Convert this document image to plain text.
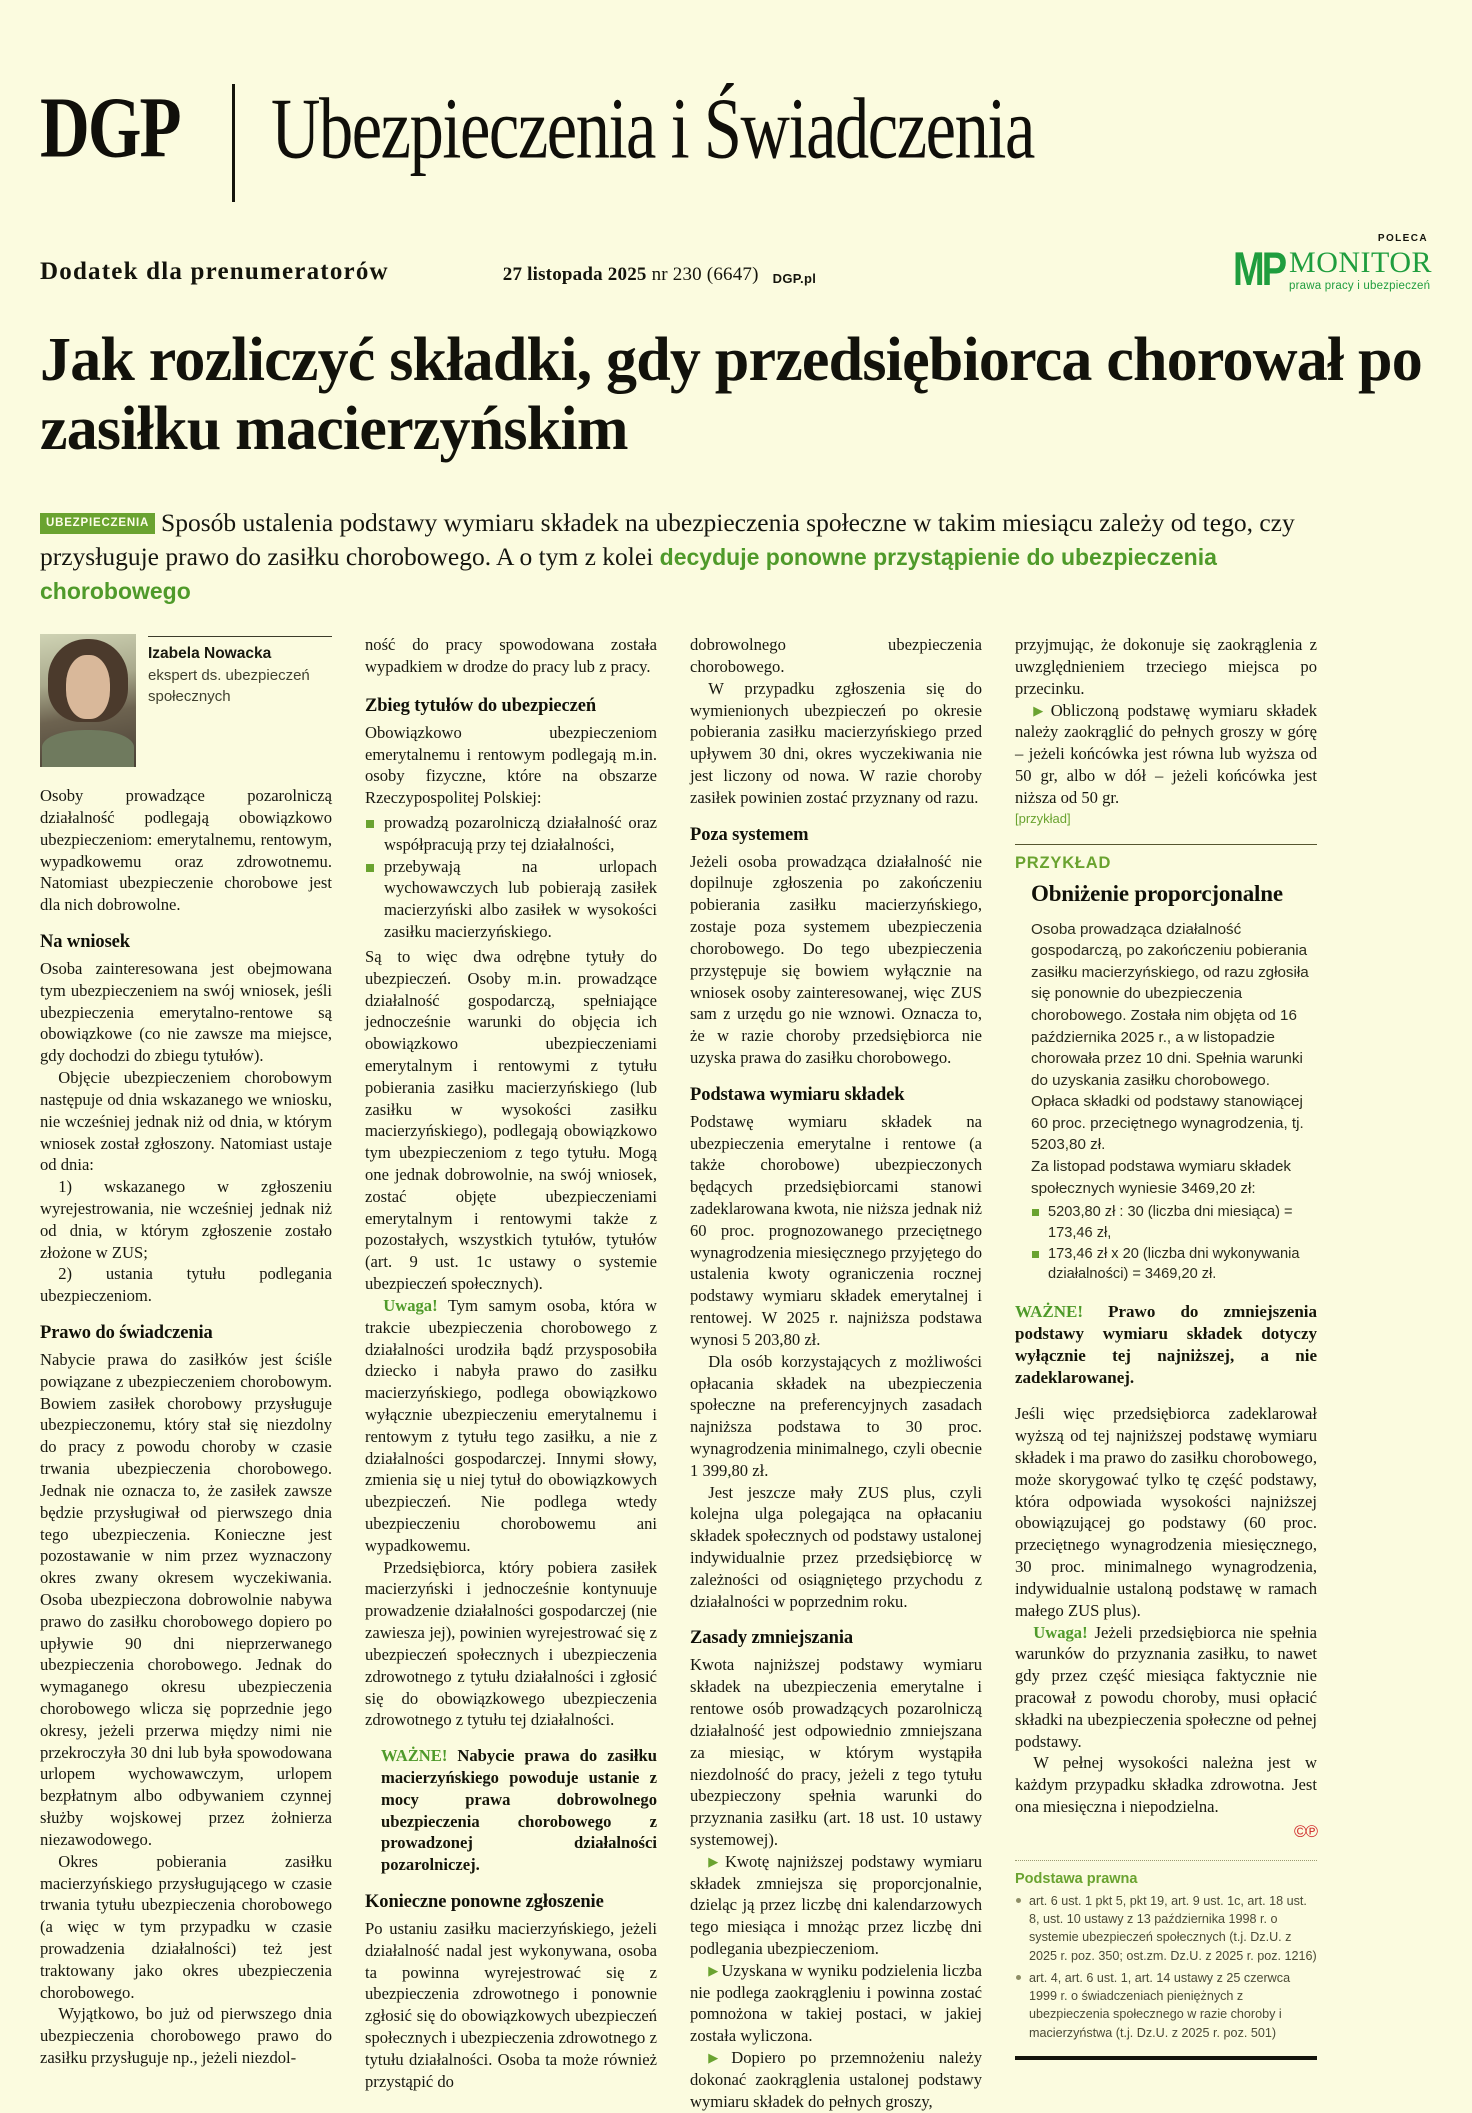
DGP Ubezpieczenia i Świadczenia
Dodatek dla prenumeratorów	27 listopada 2025 nr 230 (6647) DGP.pl
POLECA
MP MONITOR
prawa pracy i ubezpieczeń
Jak rozliczyć składki, gdy przedsiębiorca chorował po zasiłku macierzyńskim
UBEZPIECZENIA Sposób ustalenia podstawy wymiaru składek na ubezpieczenia społeczne w takim miesiącu zależy od tego, czy przysługuje prawo do zasiłku chorobowego. A o tym z kolei decyduje ponowne przystąpienie do ubezpieczenia chorobowego
Izabela Nowacka
ekspert ds. ubezpieczeń
społecznych

Osoby prowadzące pozarolniczą działalność podlegają obowiązkowo ubezpieczeniom: emerytalnemu, rentowym, wypadkowemu oraz zdrowotnemu. Natomiast ubezpieczenie chorobowe jest dla nich dobrowolne.

Na wniosek

Osoba zainteresowana jest obejmowana tym ubezpieczeniem na swój wniosek, jeśli ubezpieczenia emerytalno-rentowe są obowiązkowe (co nie zawsze ma miejsce, gdy dochodzi do zbiegu tytułów).

Objęcie ubezpieczeniem chorobowym następuje od dnia wskazanego we wniosku, nie wcześniej jednak niż od dnia, w którym wniosek został zgłoszony. Natomiast ustaje od dnia:

1) wskazanego w zgłoszeniu wyrejestrowania, nie wcześniej jednak niż od dnia, w którym zgłoszenie zostało złożone w ZUS;

2) ustania tytułu podlegania ubezpieczeniom.

Prawo do świadczenia

Nabycie prawa do zasiłków jest ściśle powiązane z ubezpieczeniem chorobowym. Bowiem zasiłek chorobowy przysługuje ubezpieczonemu, który stał się niezdolny do pracy z powodu choroby w czasie trwania ubezpieczenia chorobowego. Jednak nie oznacza to, że zasiłek zawsze będzie przysługiwał od pierwszego dnia tego ubezpieczenia. Konieczne jest pozostawanie w nim przez wyznaczony okres zwany okresem wyczekiwania. Osoba ubezpieczona dobrowolnie nabywa prawo do zasiłku chorobowego dopiero po upływie 90 dni nieprzerwanego ubezpieczenia chorobowego. Jednak do wymaganego okresu ubezpieczenia chorobowego wlicza się poprzednie jego okresy, jeżeli przerwa między nimi nie przekroczyła 30 dni lub była spowodowana urlopem wychowawczym, urlopem bezpłatnym albo odbywaniem czynnej służby wojskowej przez żołnierza niezawodowego.

Okres pobierania zasiłku macierzyńskiego przysługującego w czasie trwania tytułu ubezpieczenia chorobowego (a więc w tym przypadku w czasie prowadzenia działalności) też jest traktowany jako okres ubezpieczenia chorobowego.

Wyjątkowo, bo już od pierwszego dnia ubezpieczenia chorobowego prawo do zasiłku przysługuje np., jeżeli niezdol-

ność do pracy spowodowana została wypadkiem w drodze do pracy lub z pracy.

Zbieg tytułów do ubezpieczeń

Obowiązkowo ubezpieczeniom emerytalnemu i rentowym podlegają m.in. osoby fizyczne, które na obszarze Rzeczypospolitej Polskiej:

prowadzą pozarolniczą działalność oraz współpracują przy tej działalności,
przebywają na urlopach wychowawczych lub pobierają zasiłek macierzyński albo zasiłek w wysokości zasiłku macierzyńskiego.

Są to więc dwa odrębne tytuły do ubezpieczeń. Osoby m.in. prowadzące działalność gospodarczą, spełniające jednocześnie warunki do objęcia ich obowiązkowo ubezpieczeniami emerytalnym i rentowymi z tytułu pobierania zasiłku macierzyńskiego (lub zasiłku w wysokości zasiłku macierzyńskiego), podlegają obowiązkowo tym ubezpieczeniom z tego tytułu. Mogą one jednak dobrowolnie, na swój wniosek, zostać objęte ubezpieczeniami emerytalnym i rentowymi także z pozostałych, wszystkich tytułów, tytułów (art. 9 ust. 1c ustawy o systemie ubezpieczeń społecznych).

Uwaga! Tym samym osoba, która w trakcie ubezpieczenia chorobowego z działalności urodziła bądź przysposobiła dziecko i nabyła prawo do zasiłku macierzyńskiego, podlega obowiązkowo wyłącznie ubezpieczeniu emerytalnemu i rentowym z tytułu tego zasiłku, a nie z działalności gospodarczej. Innymi słowy, zmienia się u niej tytuł do obowiązkowych ubezpieczeń. Nie podlega wtedy ubezpieczeniu chorobowemu ani wypadkowemu.

Przedsiębiorca, który pobiera zasiłek macierzyński i jednocześnie kontynuuje prowadzenie działalności gospodarczej (nie zawiesza jej), powinien wyrejestrować się z ubezpieczeń społecznych i ubezpieczenia zdrowotnego z tytułu działalności i zgłosić się do obowiązkowego ubezpieczenia zdrowotnego z tytułu tej działalności.

WAŻNE! Nabycie prawa do zasiłku macierzyńskiego powoduje ustanie z mocy prawa dobrowolnego ubezpieczenia chorobowego z prowadzonej działalności pozarolniczej.
Konieczne ponowne zgłoszenie

Po ustaniu zasiłku macierzyńskiego, jeżeli działalność nadal jest wykonywana, osoba ta powinna wyrejestrować się z ubezpieczenia zdrowotnego i ponownie zgłosić się do obowiązkowych ubezpieczeń społecznych i ubezpieczenia zdrowotnego z tytułu działalności. Osoba ta może również przystąpić do

dobrowolnego ubezpieczenia chorobowego.

W przypadku zgłoszenia się do wymienionych ubezpieczeń po okresie pobierania zasiłku macierzyńskiego przed upływem 30 dni, okres wyczekiwania nie jest liczony od nowa. W razie choroby zasiłek powinien zostać przyznany od razu.

Poza systemem

Jeżeli osoba prowadząca działalność nie dopilnuje zgłoszenia po zakończeniu pobierania zasiłku macierzyńskiego, zostaje poza systemem ubezpieczenia chorobowego. Do tego ubezpieczenia przystępuje się bowiem wyłącznie na wniosek osoby zainteresowanej, więc ZUS sam z urzędu go nie wznowi. Oznacza to, że w razie choroby przedsiębiorca nie uzyska prawa do zasiłku chorobowego.

Podstawa wymiaru składek

Podstawę wymiaru składek na ubezpieczenia emerytalne i rentowe (a także chorobowe) ubezpieczonych będących przedsiębiorcami stanowi zadeklarowana kwota, nie niższa jednak niż 60 proc. prognozowanego przeciętnego wynagrodzenia miesięcznego przyjętego do ustalenia kwoty ograniczenia rocznej podstawy wymiaru składek emerytalnej i rentowej. W 2025 r. najniższa podstawa wynosi 5 203,80 zł.

Dla osób korzystających z możliwości opłacania składek na ubezpieczenia społeczne na preferencyjnych zasadach najniższa podstawa to 30 proc. wynagrodzenia minimalnego, czyli obecnie 1 399,80 zł.

Jest jeszcze mały ZUS plus, czyli kolejna ulga polegająca na opłacaniu składek społecznych od podstawy ustalonej indywidualnie przez przedsiębiorcę w zależności od osiągniętego przychodu z działalności w poprzednim roku.

Zasady zmniejszania

Kwota najniższej podstawy wymiaru składek na ubezpieczenia emerytalne i rentowe osób prowadzących pozarolniczą działalność jest odpowiednio zmniejszana za miesiąc, w którym wystąpiła niezdolność do pracy, jeżeli z tego tytułu ubezpieczony spełnia warunki do przyznania zasiłku (art. 18 ust. 10 ustawy systemowej).

▶ Kwotę najniższej podstawy wymiaru składek zmniejsza się proporcjonalnie, dzieląc ją przez liczbę dni kalendarzowych tego miesiąca i mnożąc przez liczbę dni podlegania ubezpieczeniom.

▶ Uzyskana w wyniku podzielenia liczba nie podlega zaokrągleniu i powinna zostać pomnożona w takiej postaci, w jakiej została wyliczona.

▶ Dopiero po przemnożeniu należy dokonać zaokrąglenia ustalonej podstawy wymiaru składek do pełnych groszy,

przyjmując, że dokonuje się zaokrąglenia z uwzględnieniem trzeciego miejsca po przecinku.

▶ Obliczoną podstawę wymiaru składek należy zaokrąglić do pełnych groszy w górę – jeżeli końcówka jest równa lub wyższa od 50 gr, albo w dół – jeżeli końcówka jest niższa od 50 gr.

[przykład]
PRZYKŁAD
Obniżenie proporcjonalne

Osoba prowadząca działalność gospodarczą, po zakończeniu pobierania zasiłku macierzyńskiego, od razu zgłosiła się ponownie do ubezpieczenia chorobowego. Została nim objęta od 16 października 2025 r., a w listopadzie chorowała przez 10 dni. Spełnia warunki do uzyskania zasiłku chorobowego. Opłaca składki od podstawy stanowiącej 60 proc. przeciętnego wynagrodzenia, tj. 5203,80 zł.

Za listopad podstawa wymiaru składek społecznych wyniesie 3469,20 zł:

5203,80 zł : 30 (liczba dni miesiąca) = 173,46 zł,
173,46 zł x 20 (liczba dni wykonywania działalności) = 3469,20 zł.
WAŻNE! Prawo do zmniejszenia podstawy wymiaru składek dotyczy wyłącznie tej najniższej, a nie zadeklarowanej.

Jeśli więc przedsiębiorca zadeklarował wyższą od tej najniższej podstawę wymiaru składek i ma prawo do zasiłku chorobowego, może skorygować tylko tę część podstawy, która odpowiada wysokości najniższej obowiązującej go podstawy (60 proc. przeciętnego wynagrodzenia miesięcznego, 30 proc. minimalnego wynagrodzenia, indywidualnie ustaloną podstawę w ramach małego ZUS plus).

Uwaga! Jeżeli przedsiębiorca nie spełnia warunków do przyznania zasiłku, to nawet gdy przez część miesiąca faktycznie nie pracował z powodu choroby, musi opłacić składki na ubezpieczenia społeczne od pełnej podstawy.

W pełnej wysokości należna jest w każdym przypadku składka zdrowotna. Jest ona miesięczna i niepodzielna.

©℗
Podstawa prawna
art. 6 ust. 1 pkt 5, pkt 19, art. 9 ust. 1c, art. 18 ust. 8, ust. 10 ustawy z 13 października 1998 r. o systemie ubezpieczeń społecznych (t.j. Dz.U. z 2025 r. poz. 350; ost.zm. Dz.U. z 2025 r. poz. 1216)
art. 4, art. 6 ust. 1, art. 14 ustawy z 25 czerwca 1999 r. o świadczeniach pieniężnych z ubezpieczenia społecznego w razie choroby i macierzyństwa (t.j. Dz.U. z 2025 r. poz. 501)
